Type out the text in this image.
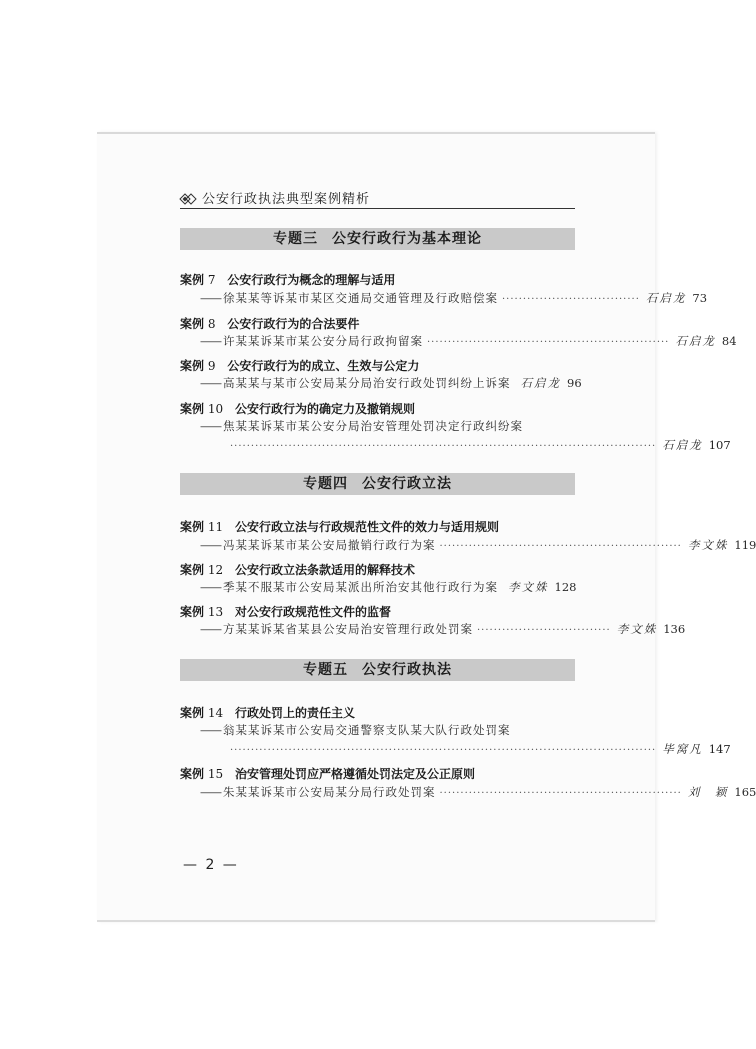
公安行政执法典型案例精析
专题三 公安行政行为基本理论
案例 7 公安行政行为概念的理解与适用
—— 徐某某等诉某市某区交通局交通管理及行政赔偿案 ································· 石启龙 73
案例 8 公安行政行为的合法要件
—— 许某某诉某市某公安分局行政拘留案 ·························································· 石启龙 84
案例 9 公安行政行为的成立、生效与公定力
—— 高某某与某市公安局某分局治安行政处罚纠纷上诉案 石启龙 96
案例 10 公安行政行为的确定力及撤销规则
—— 焦某某诉某市某公安分局治安管理处罚决定行政纠纷案
······································································································ 石启龙 107
专题四 公安行政立法
案例 11 公安行政立法与行政规范性文件的效力与适用规则
—— 冯某某诉某市某公安局撤销行政行为案 ·························································· 李文姝 119
案例 12 公安行政立法条款适用的解释技术
—— 季某不服某市公安局某派出所治安其他行政行为案 李文姝 128
案例 13 对公安行政规范性文件的监督
—— 方某某诉某省某县公安局治安管理行政处罚案 ································ 李文姝 136
专题五 公安行政执法
案例 14 行政处罚上的责任主义
—— 翁某某诉某市公安局交通警察支队某大队行政处罚案
······································································································ 毕窝凡 147
案例 15 治安管理处罚应严格遵循处罚法定及公正原则
—— 朱某某诉某市公安局某分局行政处罚案 ·························································· 刘　颖 165
— 2 —
